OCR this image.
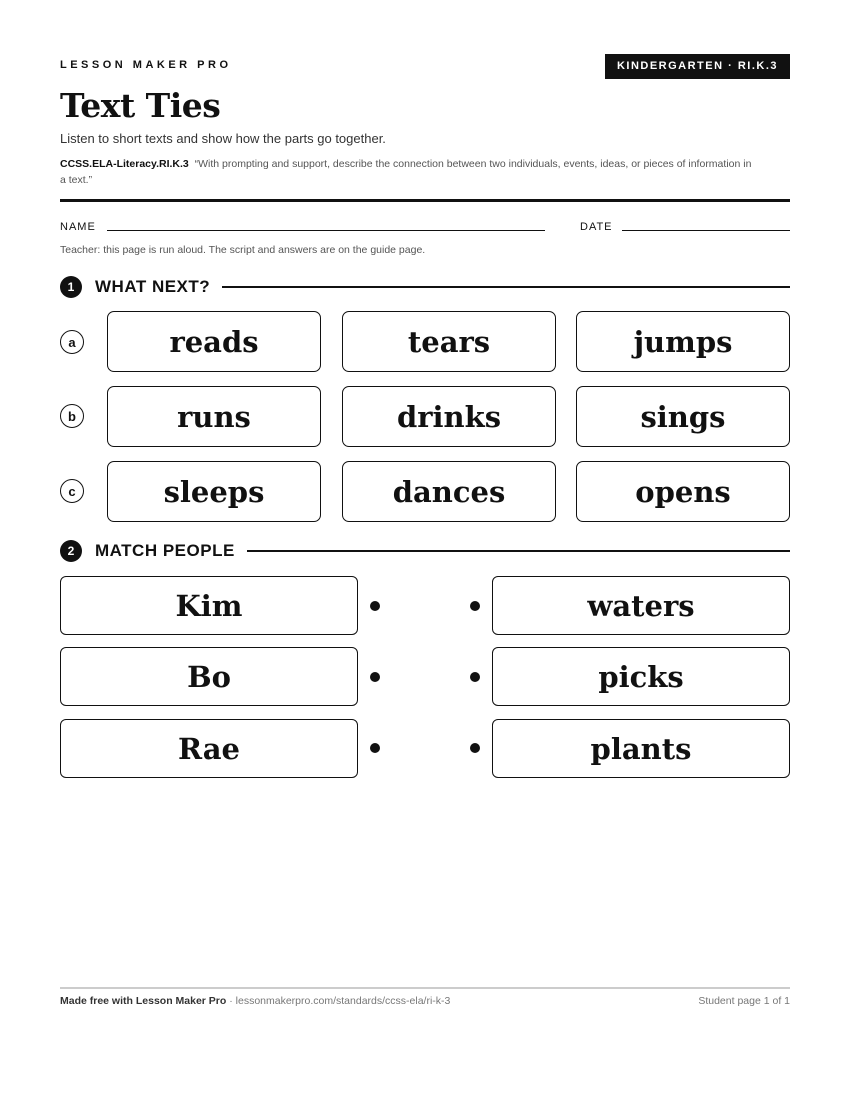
LESSON MAKER PRO	KINDERGARTEN · RI.K.3
Text Ties
Listen to short texts and show how the parts go together.
CCSS.ELA-Literacy.RI.K.3 “With prompting and support, describe the connection between two individuals, events, ideas, or pieces of information in a text.”
NAME	DATE
Teacher: this page is run aloud. The script and answers are on the guide page.
1	WHAT NEXT?
a	reads	tears	jumps
b	runs	drinks	sings
c	sleeps	dances	opens
2	MATCH PEOPLE
Kim	waters
Bo	picks
Rae	plants
Made free with Lesson Maker Pro · lessonmakerpro.com/standards/ccss-ela/ri-k-3	Student page 1 of 1
